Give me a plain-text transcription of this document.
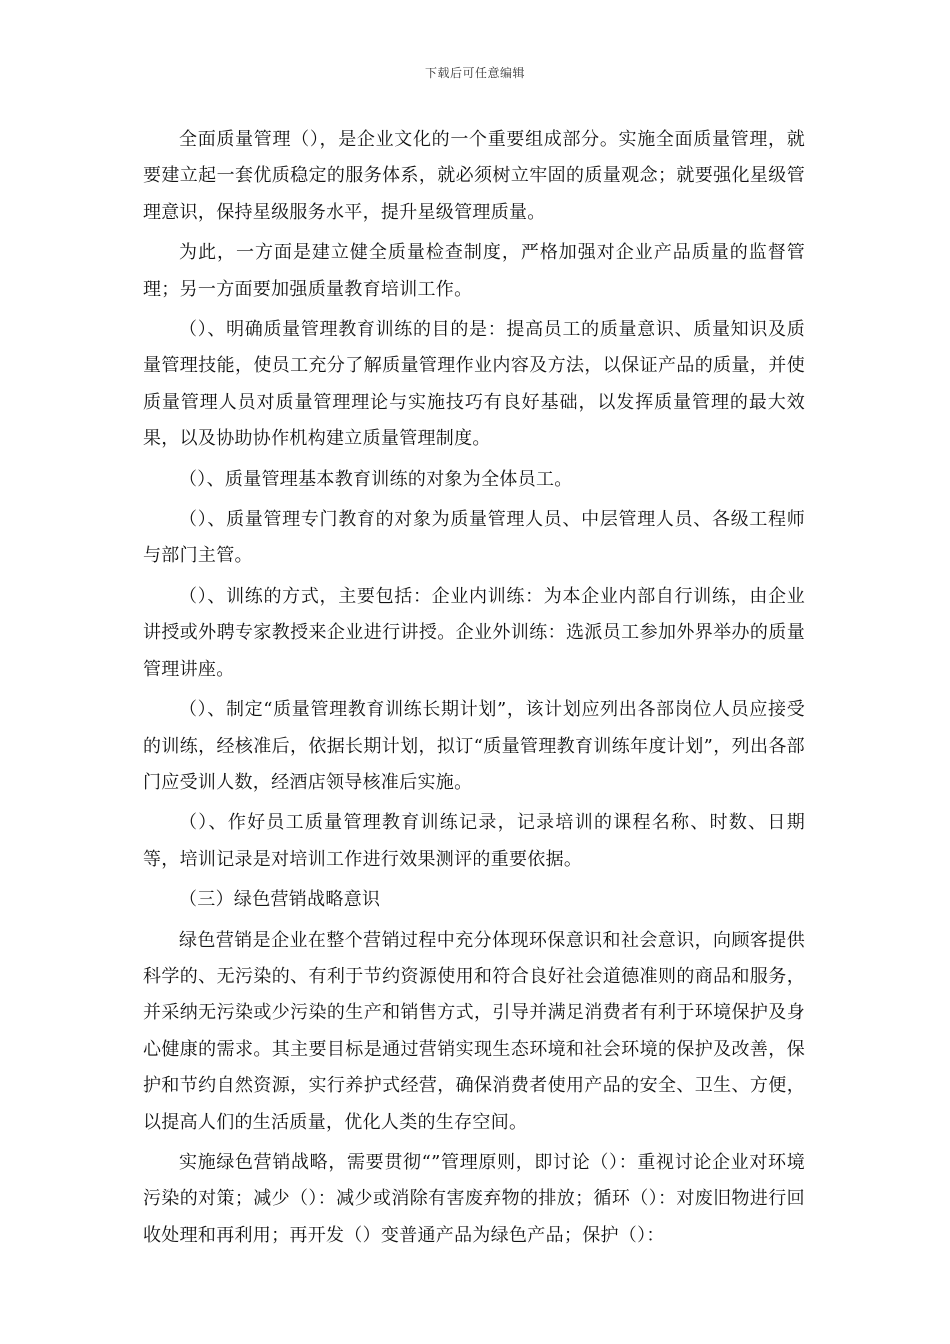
下载后可任意编辑

全面质量管理（），是企业文化的一个重要组成部分。实施全面质量管理，就要建立起一套优质稳定的服务体系，就必须树立牢固的质量观念；就要强化星级管理意识，保持星级服务水平，提升星级管理质量。

为此，一方面是建立健全质量检查制度，严格加强对企业产品质量的监督管理；另一方面要加强质量教育培训工作。

（）、明确质量管理教育训练的目的是：提高员工的质量意识、质量知识及质量管理技能，使员工充分了解质量管理作业内容及方法，以保证产品的质量，并使质量管理人员对质量管理理论与实施技巧有良好基础，以发挥质量管理的最大效果，以及协助协作机构建立质量管理制度。

（）、质量管理基本教育训练的对象为全体员工。

（）、质量管理专门教育的对象为质量管理人员、中层管理人员、各级工程师与部门主管。

（）、训练的方式，主要包括：企业内训练：为本企业内部自行训练，由企业讲授或外聘专家教授来企业进行讲授。企业外训练：选派员工参加外界举办的质量管理讲座。

（）、制定“质量管理教育训练长期计划”，该计划应列出各部岗位人员应接受的训练，经核准后，依据长期计划，拟订“质量管理教育训练年度计划”，列出各部门应受训人数，经酒店领导核准后实施。

（）、作好员工质量管理教育训练记录，记录培训的课程名称、时数、日期等，培训记录是对培训工作进行效果测评的重要依据。

（三）绿色营销战略意识

绿色营销是企业在整个营销过程中充分体现环保意识和社会意识，向顾客提供科学的、无污染的、有利于节约资源使用和符合良好社会道德准则的商品和服务，并采纳无污染或少污染的生产和销售方式，引导并满足消费者有利于环境保护及身心健康的需求。其主要目标是通过营销实现生态环境和社会环境的保护及改善，保护和节约自然资源，实行养护式经营，确保消费者使用产品的安全、卫生、方便，以提高人们的生活质量，优化人类的生存空间。

实施绿色营销战略，需要贯彻“”管理原则，即讨论（）：重视讨论企业对环境污染的对策；减少（）：减少或消除有害废弃物的排放；循环（）：对废旧物进行回收处理和再利用；再开发（）变普通产品为绿色产品；保护（）：
